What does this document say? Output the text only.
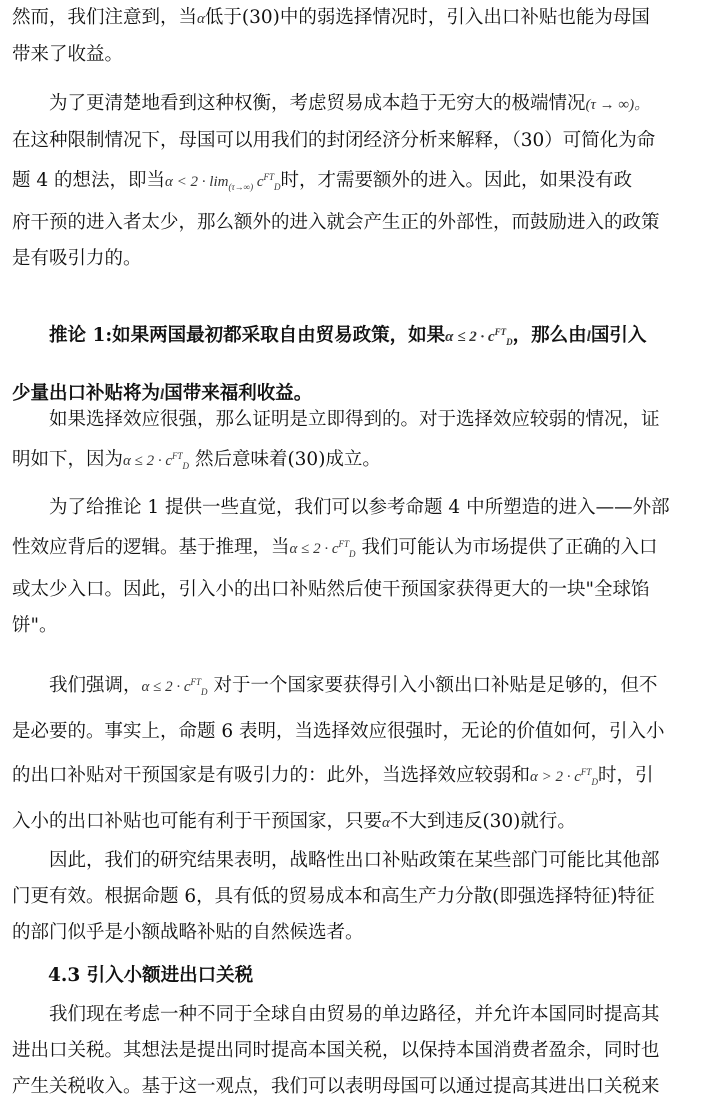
然而，我们注意到，当α低于(30)中的弱选择情况时，引入出口补贴也能为母国
带来了收益。
为了更清楚地看到这种权衡，考虑贸易成本趋于无穷大的极端情况(τ → ∞)。
在这种限制情况下，母国可以用我们的封闭经济分析来解释，（30）可简化为命
题 4 的想法，即当$\alpha < 2 \cdot \lim_{(\tau\to\infty)} c^{FT}_D$时，才需要额外的进入。因此，如果没有政
府干预的进入者太少，那么额外的进入就会产生正的外部性，而鼓励进入的政策
是有吸引力的。
推论 1:如果两国最初都采取自由贸易政策，如果$\alpha \le 2 \cdot c^{FT}_D$，那么由l国引入
少量出口补贴将为l国带来福利收益。
如果选择效应很强，那么证明是立即得到的。对于选择效应较弱的情况，证
明如下，因为$\alpha \le 2 \cdot c^{FT}_D$ 然后意味着(30)成立。
为了给推论 1 提供一些直觉，我们可以参考命题 4 中所塑造的进入——外部
性效应背后的逻辑。基于推理，当$\alpha \le 2 \cdot c^{FT}_D$ 我们可能认为市场提供了正确的入口
或太少入口。因此，引入小的出口补贴然后使干预国家获得更大的一块"全球馅
饼"。
我们强调，$\alpha \le 2 \cdot c^{FT}_D$ 对于一个国家要获得引入小额出口补贴是足够的，但不
是必要的。事实上，命题 6 表明，当选择效应很强时，无论的价值如何，引入小
的出口补贴对干预国家是有吸引力的：此外，当选择效应较弱和$\alpha > 2 \cdot c^{FT}_D$时，引
入小的出口补贴也可能有利于干预国家，只要α不大到违反(30)就行。
因此，我们的研究结果表明，战略性出口补贴政策在某些部门可能比其他部
门更有效。根据命题 6，具有低的贸易成本和高生产力分散(即强选择特征)特征
的部门似乎是小额战略补贴的自然候选者。
4.3 引入小额进出口关税
我们现在考虑一种不同于全球自由贸易的单边路径，并允许本国同时提高其
进出口关税。其想法是提出同时提高本国关税，以保持本国消费者盈余，同时也
产生关税收入。基于这一观点，我们可以表明母国可以通过提高其进出口关税来
